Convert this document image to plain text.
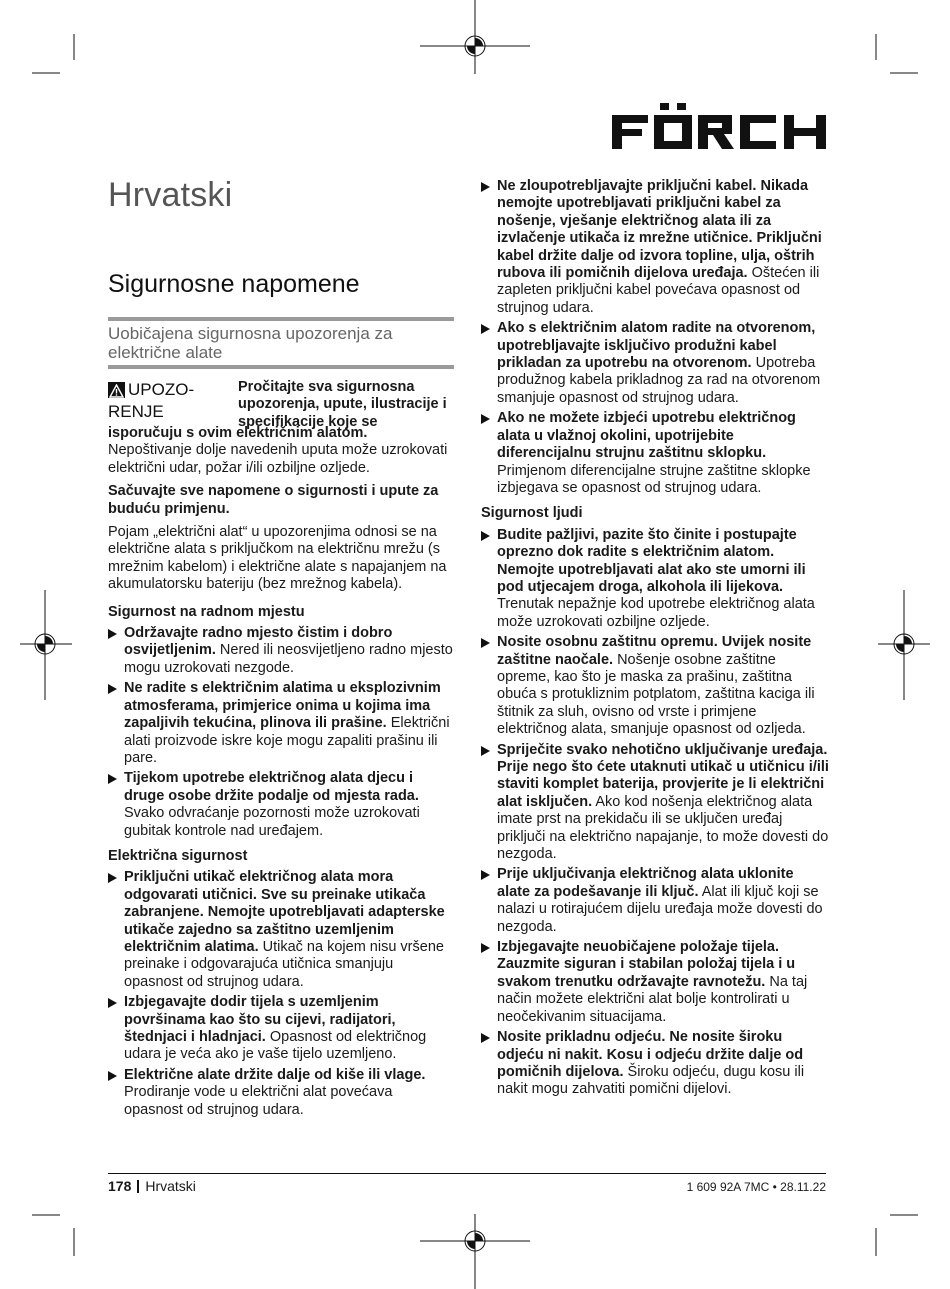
Hrvatski
Sigurnosne napomene
Uobičajena sigurnosna upozorenja za električne alate
UPOZO-
RENJE
Pročitajte sva sigurnosna upozorenja, upute, ilustracije i specifikacije koje se

isporučuju s ovim električnim alatom.

Nepoštivanje dolje navedenih uputa može uzrokovati električni udar, požar i/ili ozbiljne ozljede.

Sačuvajte sve napomene o sigurnosti i upute za buduću primjenu.

Pojam „električni alat“ u upozorenjima odnosi se na električne alata s priključkom na električnu mrežu (s mrežnim kabelom) i električne alate s napajanjem na akumulatorsku bateriju (bez mrežnog kabela).

Sigurnost na radnom mjestu
Održavajte radno mjesto čistim i dobro osvijetljenim. Nered ili neosvijetljeno radno mjesto mogu uzrokovati nezgode.
Ne radite s električnim alatima u eksplozivnim atmosferama, primjerice onima u kojima ima zapaljivih tekućina, plinova ili prašine. Električni alati proizvode iskre koje mogu zapaliti prašinu ili pare.
Tijekom upotrebe električnog alata djecu i druge osobe držite podalje od mjesta rada. Svako odvraćanje pozornosti može uzrokovati gubitak kontrole nad uređajem.
Električna sigurnost
Priključni utikač električnog alata mora odgovarati utičnici. Sve su preinake utikača zabranjene. Nemojte upotrebljavati adapterske utikače zajedno sa zaštitno uzemljenim električnim alatima. Utikač na kojem nisu vršene preinake i odgovarajuća utičnica smanjuju opasnost od strujnog udara.
Izbjegavajte dodir tijela s uzemljenim površinama kao što su cijevi, radijatori, štednjaci i hladnjaci. Opasnost od električnog udara je veća ako je vaše tijelo uzemljeno.
Električne alate držite dalje od kiše ili vlage. Prodiranje vode u električni alat povećava opasnost od strujnog udara.
Ne zloupotrebljavajte priključni kabel. Nikada nemojte upotrebljavati priključni kabel za nošenje, vješanje električnog alata ili za izvlačenje utikača iz mrežne utičnice. Priključni kabel držite dalje od izvora topline, ulja, oštrih rubova ili pomičnih dijelova uređaja. Oštećen ili zapleten priključni kabel povećava opasnost od strujnog udara.
Ako s električnim alatom radite na otvorenom, upotrebljavajte isključivo produžni kabel prikladan za upotrebu na otvorenom. Upotreba produžnog kabela prikladnog za rad na otvorenom smanjuje opasnost od strujnog udara.
Ako ne možete izbjeći upotrebu električnog alata u vlažnoj okolini, upotrijebite diferencijalnu strujnu zaštitnu sklopku. Primjenom diferencijalne strujne zaštitne sklopke izbjegava se opasnost od strujnog udara.
Sigurnost ljudi
Budite pažljivi, pazite što činite i postupajte oprezno dok radite s električnim alatom. Nemojte upotrebljavati alat ako ste umorni ili pod utjecajem droga, alkohola ili lijekova. Trenutak nepažnje kod upotrebe električnog alata može uzrokovati ozbiljne ozljede.
Nosite osobnu zaštitnu opremu. Uvijek nosite zaštitne naočale. Nošenje osobne zaštitne opreme, kao što je maska za prašinu, zaštitna obuća s protukliznim potplatom, zaštitna kaciga ili štitnik za sluh, ovisno od vrste i primjene električnog alata, smanjuje opasnost od ozljeda.
Spriječite svako nehotično uključivanje uređaja. Prije nego što ćete utaknuti utikač u utičnicu i/ili staviti komplet baterija, provjerite je li električni alat isključen. Ako kod nošenja električnog alata imate prst na prekidaču ili se uključen uređaj priključi na električno napajanje, to može dovesti do nezgoda.
Prije uključivanja električnog alata uklonite alate za podešavanje ili ključ. Alat ili ključ koji se nalazi u rotirajućem dijelu uređaja može dovesti do nezgoda.
Izbjegavajte neuobičajene položaje tijela. Zauzmite siguran i stabilan položaj tijela i u svakom trenutku održavajte ravnotežu. Na taj način možete električni alat bolje kontrolirati u neočekivanim situacijama.
Nosite prikladnu odjeću. Ne nosite široku odjeću ni nakit. Kosu i odjeću držite dalje od pomičnih dijelova. Široku odjeću, dugu kosu ili nakit mogu zahvatiti pomični dijelovi.
178 Hrvatski	1 609 92A 7MC • 28.11.22
